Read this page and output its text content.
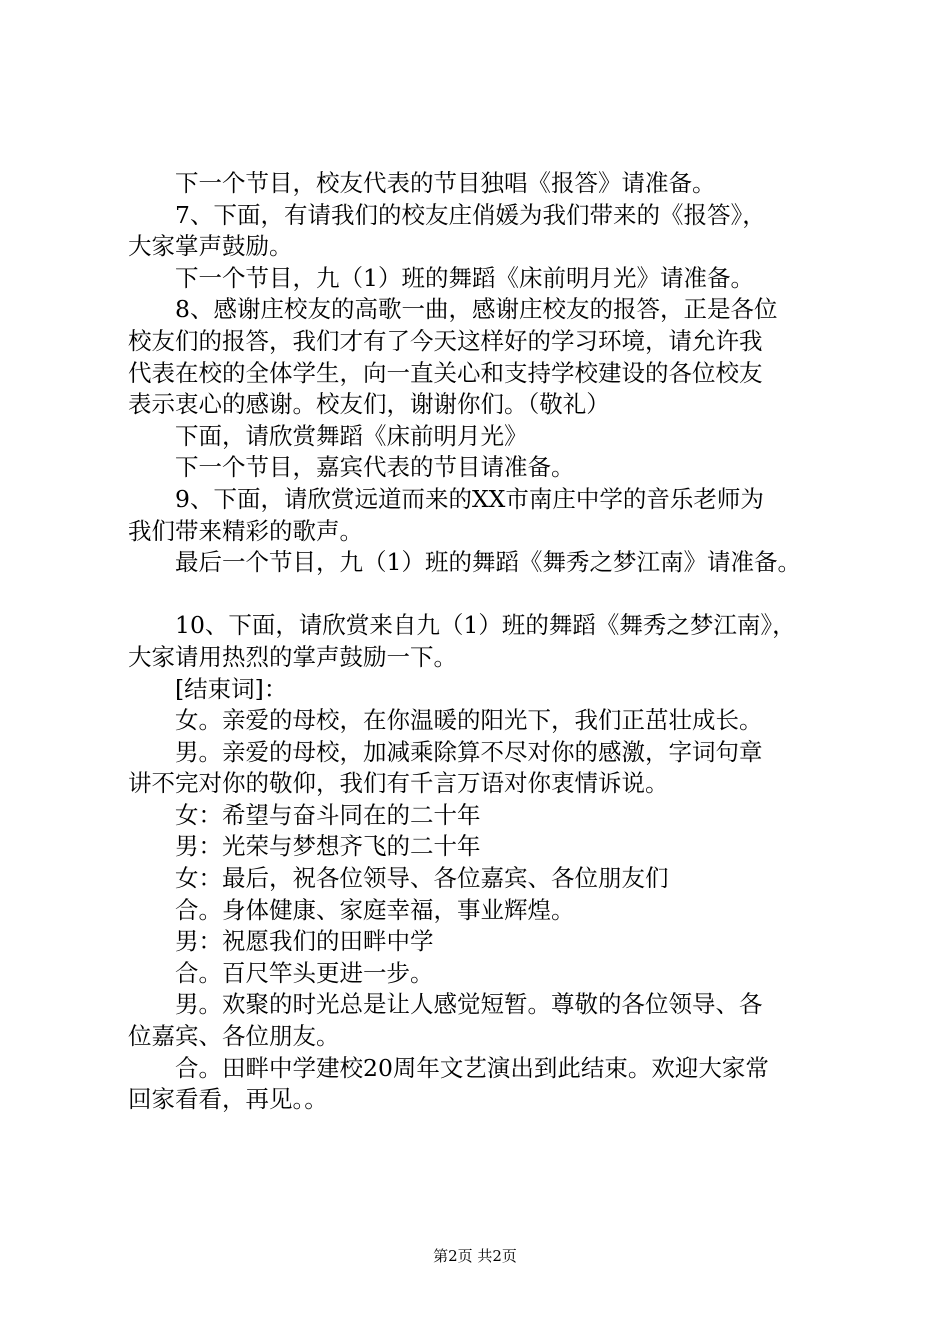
下一个节目，校友代表的节目独唱《报答》请准备。
7、下面，有请我们的校友庄俏媛为我们带来的《报答》，
大家掌声鼓励。
下一个节目，九（1）班的舞蹈《床前明月光》请准备。
8、感谢庄校友的高歌一曲，感谢庄校友的报答，正是各位
校友们的报答，我们才有了今天这样好的学习环境，请允许我
代表在校的全体学生，向一直关心和支持学校建设的各位校友
表示衷心的感谢。校友们，谢谢你们。（敬礼）
下面，请欣赏舞蹈《床前明月光》
下一个节目，嘉宾代表的节目请准备。
9、下面，请欣赏远道而来的XX市南庄中学的音乐老师为
我们带来精彩的歌声。
最后一个节目，九（1）班的舞蹈《舞秀之梦江南》请准备。
10、下面，请欣赏来自九（1）班的舞蹈《舞秀之梦江南》，
大家请用热烈的掌声鼓励一下。
[结束词]：
女。亲爱的母校，在你温暖的阳光下，我们正茁壮成长。
男。亲爱的母校，加减乘除算不尽对你的感激，字词句章
讲不完对你的敬仰，我们有千言万语对你衷情诉说。
女：希望与奋斗同在的二十年
男：光荣与梦想齐飞的二十年
女：最后，祝各位领导、各位嘉宾、各位朋友们
合。身体健康、家庭幸福，事业辉煌。
男：祝愿我们的田畔中学
合。百尺竿头更进一步。
男。欢聚的时光总是让人感觉短暂。尊敬的各位领导、各
位嘉宾、各位朋友。
合。田畔中学建校20周年文艺演出到此结束。欢迎大家常
回家看看，再见。。
第2页 共2页
